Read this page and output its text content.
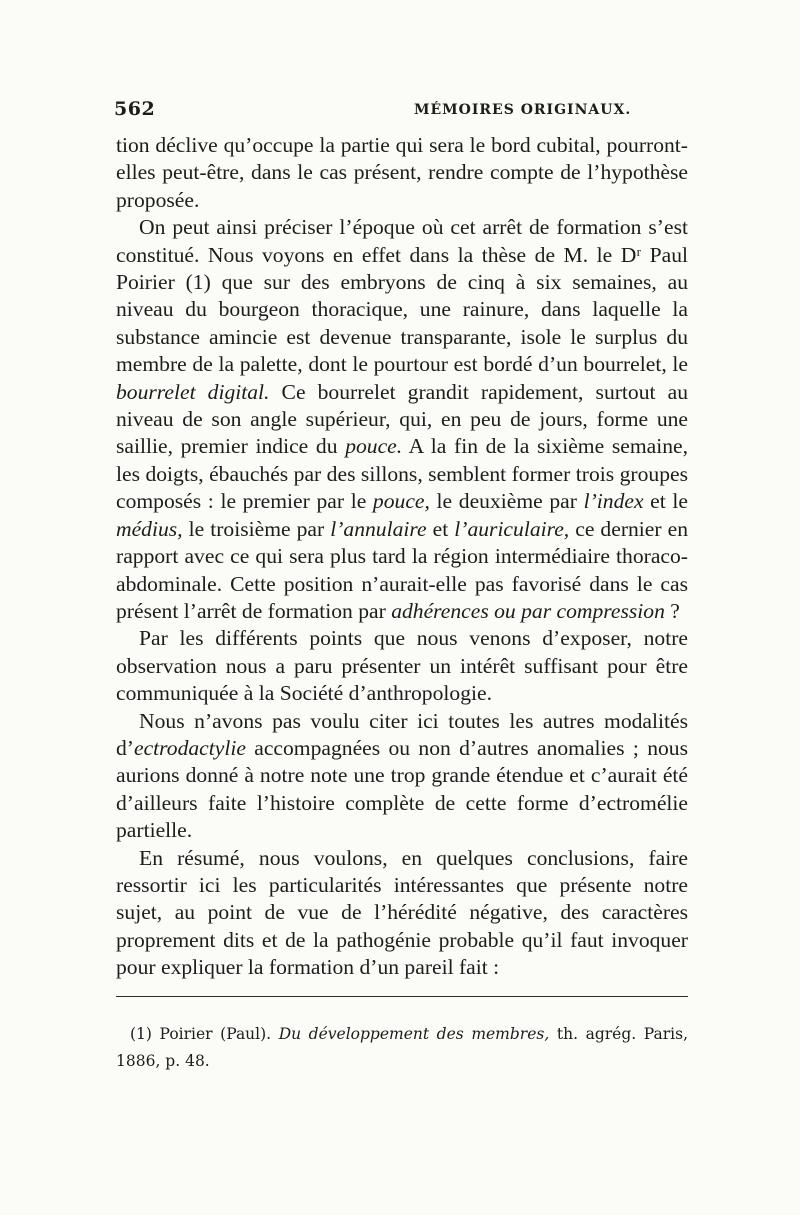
562	MÉMOIRES ORIGINAUX.

tion déclive qu’occupe la partie qui sera le bord cubital, pourront-elles peut-être, dans le cas présent, rendre compte de l’hypothèse proposée.

On peut ainsi préciser l’époque où cet arrêt de formation s’est constitué. Nous voyons en effet dans la thèse de M. le Dʳ Paul Poirier (1) que sur des embryons de cinq à six semaines, au niveau du bourgeon thoracique, une rainure, dans laquelle la substance amincie est devenue transparante, isole le surplus du membre de la palette, dont le pourtour est bordé d’un bourrelet, le bourrelet digital. Ce bourrelet grandit rapidement, surtout au niveau de son angle supérieur, qui, en peu de jours, forme une saillie, premier indice du pouce. A la fin de la sixième semaine, les doigts, ébauchés par des sillons, semblent former trois groupes composés : le premier par le pouce, le deuxième par l’index et le médius, le troisième par l’annulaire et l’auriculaire, ce dernier en rapport avec ce qui sera plus tard la région intermédiaire thoraco-abdominale. Cette position n’aurait-elle pas favorisé dans le cas présent l’arrêt de formation par adhérences ou par compression ?

Par les différents points que nous venons d’exposer, notre observation nous a paru présenter un intérêt suffisant pour être communiquée à la Société d’anthropologie.

Nous n’avons pas voulu citer ici toutes les autres modalités d’ectrodactylie accompagnées ou non d’autres anomalies ; nous aurions donné à notre note une trop grande étendue et c’aurait été d’ailleurs faite l’histoire complète de cette forme d’ectromélie partielle.

En résumé, nous voulons, en quelques conclusions, faire ressortir ici les particularités intéressantes que présente notre sujet, au point de vue de l’hérédité négative, des caractères proprement dits et de la pathogénie probable qu’il faut invoquer pour expliquer la formation d’un pareil fait :

(1) Poirier (Paul). Du développement des membres, th. agrég. Paris, 1886, p. 48.
